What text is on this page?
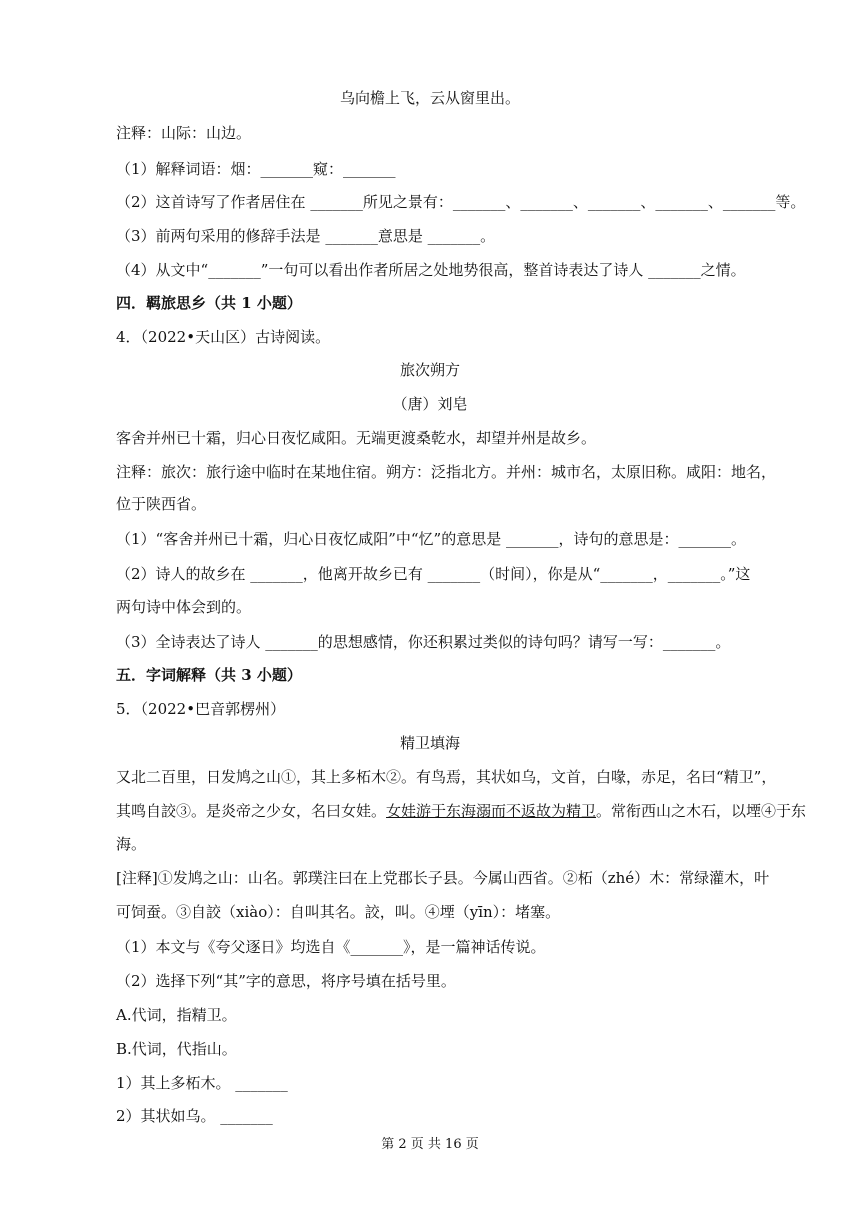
乌向檐上飞，云从窗里出。
注释：山际：山边。
（1）解释词语：烟：_______窥：_______
（2）这首诗写了作者居住在 _______所见之景有：_______、_______、_______、_______、_______等。
（3）前两句采用的修辞手法是 _______意思是 _______。
（4）从文中“_______”一句可以看出作者所居之处地势很高，整首诗表达了诗人 _______之情。
四．羁旅思乡（共 1 小题）
4．（2022•天山区）古诗阅读。
旅次朔方
（唐）刘皂
客舍并州已十霜，归心日夜忆咸阳。无端更渡桑乾水，却望并州是故乡。
注释：旅次：旅行途中临时在某地住宿。朔方：泛指北方。并州：城市名，太原旧称。咸阳：地名，
位于陕西省。
（1）“客舍并州已十霜，归心日夜忆咸阳”中“忆”的意思是 _______，诗句的意思是：_______。
（2）诗人的故乡在 _______，他离开故乡已有 _______（时间），你是从“_______，_______。”这
两句诗中体会到的。
（3）全诗表达了诗人 _______的思想感情，你还积累过类似的诗句吗？请写一写：_______。
五．字词解释（共 3 小题）
5．（2022•巴音郭楞州）
精卫填海
又北二百里，日发鸠之山①，其上多柘木②。有鸟焉，其状如乌，文首，白喙，赤足，名曰“精卫”，
其鸣自詨③。是炎帝之少女，名曰女娃。女娃游于东海溺而不返故为精卫。常衔西山之木石，以堙④于东
海。
[注释]①发鸠之山：山名。郭璞注曰在上党郡长子县。今属山西省。②柘（zhé）木：常绿灌木，叶
可饲蚕。③自詨（xiào）：自叫其名。詨，叫。④堙（yīn）：堵塞。
（1）本文与《夸父逐日》均选自《_______》，是一篇神话传说。
（2）选择下列“其”字的意思，将序号填在括号里。
A.代词，指精卫。
B.代词，代指山。
1）其上多柘木。 _______
2）其状如乌。 _______
第 2 页 共 16 页
